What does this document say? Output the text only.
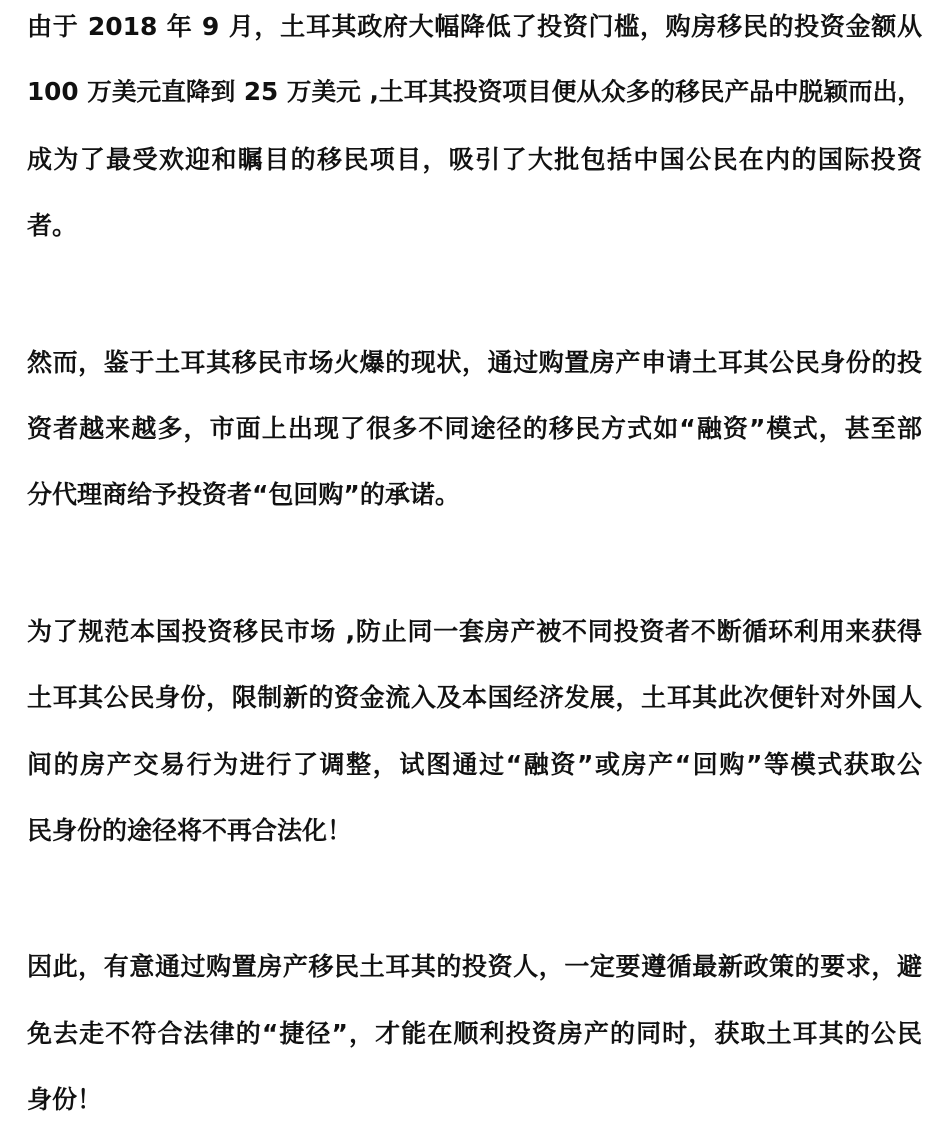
由于 2018 年 9 月，土耳其政府大幅降低了投资门槛，购房移民的投资金额从
100 万美元直降到 25 万美元 ,土耳其投资项目便从众多的移民产品中脱颖而出，
成为了最受欢迎和瞩目的移民项目，吸引了大批包括中国公民在内的国际投资
者。
然而，鉴于土耳其移民市场火爆的现状，通过购置房产申请土耳其公民身份的投
资者越来越多，市面上出现了很多不同途径的移民方式如“融资”模式，甚至部
分代理商给予投资者“包回购”的承诺。
为了规范本国投资移民市场 ,防止同一套房产被不同投资者不断循环利用来获得
土耳其公民身份，限制新的资金流入及本国经济发展，土耳其此次便针对外国人
间的房产交易行为进行了调整，试图通过“融资”或房产“回购”等模式获取公
民身份的途径将不再合法化！
因此，有意通过购置房产移民土耳其的投资人，一定要遵循最新政策的要求，避
免去走不符合法律的“捷径”，才能在顺利投资房产的同时，获取土耳其的公民
身份！
